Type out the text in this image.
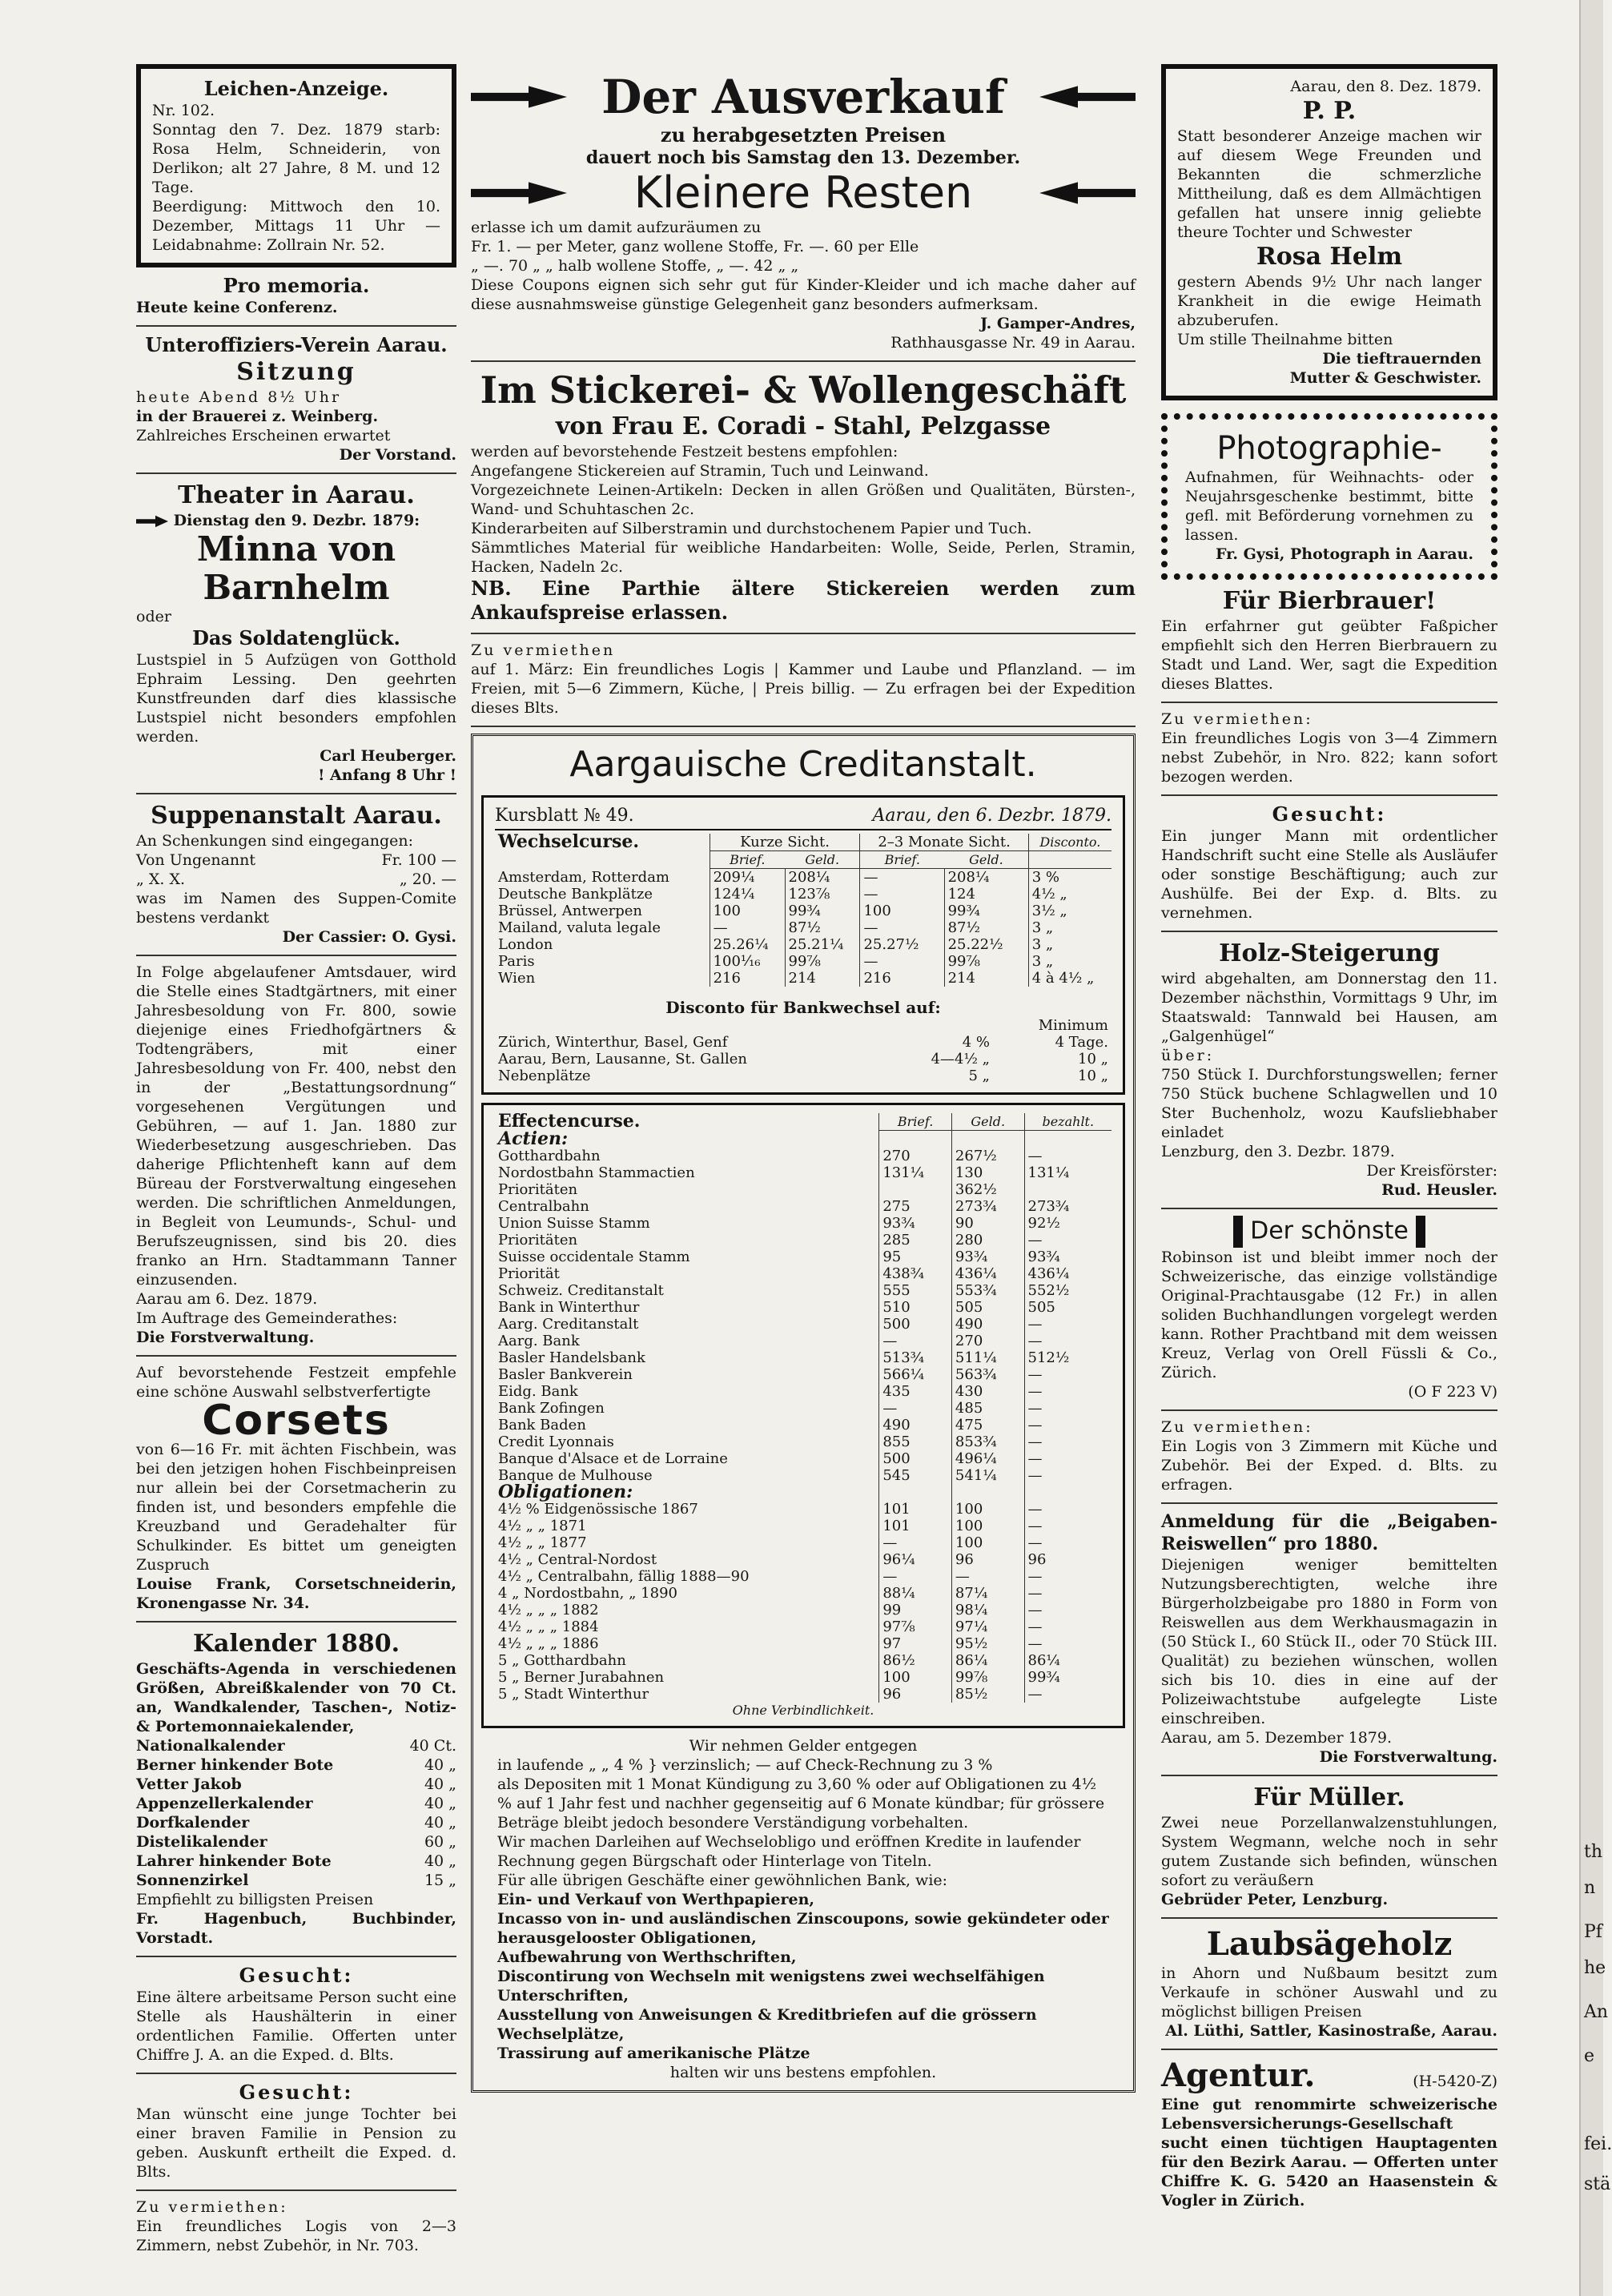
th

n

Pf

he

An

e

fei.

stä

Leichen-Anzeige.

Nr. 102.

Sonntag den 7. Dez. 1879 starb: Rosa Helm, Schneiderin, von Derlikon; alt 27 Jahre, 8 M. und 12 Tage.

Beerdigung: Mittwoch den 10. Dezember, Mittags 11 Uhr — Leidabnahme: Zollrain Nr. 52.

Pro memoria.

Heute keine Conferenz.

Unteroffiziers-Verein Aarau.

Sitzung

heute Abend 8½ Uhr

in der Brauerei z. Weinberg.

Zahlreiches Erscheinen erwartet

Der Vorstand.

Theater in Aarau.

Dienstag den 9. Dezbr. 1879:

Minna von Barnhelm

oder

Das Soldatenglück.

Lustspiel in 5 Aufzügen von Gotthold Ephraim Lessing. Den geehrten Kunstfreunden darf dies klassische Lustspiel nicht besonders empfohlen werden.

Carl Heuberger.

! Anfang 8 Uhr !

Suppenanstalt Aarau.

An Schenkungen sind eingegangen:

Von Ungenannt	Fr. 100 —
„ X. X.	„ 20. —

was im Namen des Suppen-Comite bestens verdankt

Der Cassier: O. Gysi.

In Folge abgelaufener Amtsdauer, wird die Stelle eines Stadtgärtners, mit einer Jahresbesoldung von Fr. 800, sowie diejenige eines Friedhofgärtners & Todtengräbers, mit einer Jahresbesoldung von Fr. 400, nebst den in der „Bestattungsordnung“ vorgesehenen Vergütungen und Gebühren, — auf 1. Jan. 1880 zur Wiederbesetzung ausgeschrieben. Das daherige Pflichtenheft kann auf dem Büreau der Forstverwaltung eingesehen werden. Die schriftlichen Anmeldungen, in Begleit von Leumunds-, Schul- und Berufszeugnissen, sind bis 20. dies franko an Hrn. Stadtammann Tanner einzusenden.

Aarau am 6. Dez. 1879.

Im Auftrage des Gemeinderathes:

Die Forstverwaltung.

Auf bevorstehende Festzeit empfehle eine schöne Auswahl selbstverfertigte

Corsets

von 6—16 Fr. mit ächten Fischbein, was bei den jetzigen hohen Fischbeinpreisen nur allein bei der Corsetmacherin zu finden ist, und besonders empfehle die Kreuzband und Geradehalter für Schulkinder. Es bittet um geneigten Zuspruch

Louise Frank, Corsetschneiderin, Kronengasse Nr. 34.

Kalender 1880.

Geschäfts-Agenda in verschiedenen Größen, Abreißkalender von 70 Ct. an, Wandkalender, Taschen-, Notiz- & Portemonnaiekalender,

Nationalkalender	40 Ct.
Berner hinkender Bote	40 „
Vetter Jakob	40 „
Appenzellerkalender	40 „
Dorfkalender	40 „
Distelikalender	60 „
Lahrer hinkender Bote	40 „
Sonnenzirkel	15 „

Empfiehlt zu billigsten Preisen

Fr. Hagenbuch, Buchbinder, Vorstadt.

Gesucht:

Eine ältere arbeitsame Person sucht eine Stelle als Haushälterin in einer ordentlichen Familie. Offerten unter Chiffre J. A. an die Exped. d. Blts.

Gesucht:

Man wünscht eine junge Tochter bei einer braven Familie in Pension zu geben. Auskunft ertheilt die Exped. d. Blts.

Zu vermiethen:

Ein freundliches Logis von 2—3 Zimmern, nebst Zubehör, in Nr. 703.

Der Ausverkauf

zu herabgesetzten Preisen

dauert noch bis Samstag den 13. Dezember.

Kleinere Resten

erlasse ich um damit aufzuräumen zu

Fr. 1. — per Meter, ganz wollene Stoffe, Fr. —. 60 per Elle

„ —. 70 „ „ halb wollene Stoffe, „ —. 42 „ „

Diese Coupons eignen sich sehr gut für Kinder-Kleider und ich mache daher auf diese ausnahmsweise günstige Gelegenheit ganz besonders aufmerksam.

J. Gamper-Andres,

Rathhausgasse Nr. 49 in Aarau.

Im Stickerei- & Wollengeschäft

von Frau E. Coradi - Stahl, Pelzgasse

werden auf bevorstehende Festzeit bestens empfohlen:

Angefangene Stickereien auf Stramin, Tuch und Leinwand.

Vorgezeichnete Leinen-Artikeln: Decken in allen Größen und Qualitäten, Bürsten-, Wand- und Schuhtaschen 2c.

Kinderarbeiten auf Silberstramin und durchstochenem Papier und Tuch.

Sämmtliches Material für weibliche Handarbeiten: Wolle, Seide, Perlen, Stramin, Hacken, Nadeln 2c.

NB. Eine Parthie ältere Stickereien werden zum Ankaufspreise erlassen.

Zu vermiethen

auf 1. März: Ein freundliches Logis | Kammer und Laube und Pflanzland. — im Freien, mit 5—6 Zimmern, Küche, | Preis billig. — Zu erfragen bei der Expedition dieses Blts.

Aargauische Creditanstalt.

Kursblatt № 49.	Aarau, den 6. Dezbr. 1879.
Wechselcurse.	Kurze Sicht.		2–3 Monate Sicht.		Disconto.
	Brief.	Geld.	Brief.	Geld.	
Amsterdam, Rotterdam	209¼	208¼	—	208¼	3 %
Deutsche Bankplätze	124¼	123⅞	—	124	4½ „
Brüssel, Antwerpen	100	99¾	100	99¾	3½ „
Mailand, valuta legale	—	87½	—	87½	3 „
London	25.26¼	25.21¼	25.27½	25.22½	3 „
Paris	100¹⁄₁₆	99⅞	—	99⅞	3 „
Wien	216	214	216	214	4 à 4½ „

Disconto für Bankwechsel auf:

		Minimum
Zürich, Winterthur, Basel, Genf	4 %	4 Tage.
Aarau, Bern, Lausanne, St. Gallen	4—4½ „	10 „
Nebenplätze	5 „	10 „
Effectencurse.	Brief.	Geld.	bezahlt.
Actien:			
Gotthardbahn	270	267½	—
Nordostbahn Stammactien	131¼	130	131¼
Prioritäten		362½	
Centralbahn	275	273¾	273¾
Union Suisse Stamm	93¾	90	92½
Prioritäten	285	280	—
Suisse occidentale Stamm	95	93¾	93¾
Priorität	438¾	436¼	436¼
Schweiz. Creditanstalt	555	553¾	552½
Bank in Winterthur	510	505	505
Aarg. Creditanstalt	500	490	—
Aarg. Bank	—	270	—
Basler Handelsbank	513¾	511¼	512½
Basler Bankverein	566¼	563¾	—
Eidg. Bank	435	430	—
Bank Zofingen	—	485	—
Bank Baden	490	475	—
Credit Lyonnais	855	853¾	—
Banque d'Alsace et de Lorraine	500	496¼	—
Banque de Mulhouse	545	541¼	—
Obligationen:			
4½ % Eidgenössische 1867	101	100	—
4½ „ „ 1871	101	100	—
4½ „ „ 1877	—	100	—
4½ „ Central-Nordost	96¼	96	96
4½ „ Centralbahn, fällig 1888—90	—	—	—
4 „ Nordostbahn, „ 1890	88¼	87¼	—
4½ „ „ „ 1882	99	98¼	—
4½ „ „ „ 1884	97⅞	97¼	—
4½ „ „ „ 1886	97	95½	—
5 „ Gotthardbahn	86½	86¼	86¼
5 „ Berner Jurabahnen	100	99⅞	99¾
5 „ Stadt Winterthur	96	85½	—

Ohne Verbindlichkeit.

Wir nehmen Gelder entgegen

in laufende „ „ 4 % } verzinslich; — auf Check-Rechnung zu 3 %

als Depositen mit 1 Monat Kündigung zu 3,60 % oder auf Obligationen zu 4½ % auf 1 Jahr fest und nachher gegenseitig auf 6 Monate kündbar; für grössere Beträge bleibt jedoch besondere Verständigung vorbehalten.

Wir machen Darleihen auf Wechselobligo und eröffnen Kredite in laufender Rechnung gegen Bürgschaft oder Hinterlage von Titeln.

Für alle übrigen Geschäfte einer gewöhnlichen Bank, wie:

Ein- und Verkauf von Werthpapieren,

Incasso von in- und ausländischen Zinscoupons, sowie gekündeter oder herausgelooster Obligationen,

Aufbewahrung von Werthschriften,

Discontirung von Wechseln mit wenigstens zwei wechselfähigen Unterschriften,

Ausstellung von Anweisungen & Kreditbriefen auf die grössern Wechselplätze,

Trassirung auf amerikanische Plätze

halten wir uns bestens empfohlen.

Aarau, den 8. Dez. 1879.

P. P.

Statt besonderer Anzeige machen wir auf diesem Wege Freunden und Bekannten die schmerzliche Mittheilung, daß es dem Allmächtigen gefallen hat unsere innig geliebte theure Tochter und Schwester

Rosa Helm

gestern Abends 9½ Uhr nach langer Krankheit in die ewige Heimath abzuberufen.

Um stille Theilnahme bitten

Die tieftrauernden

Mutter & Geschwister.

Photographie-

Aufnahmen, für Weihnachts- oder Neujahrsgeschenke bestimmt, bitte gefl. mit Beförderung vornehmen zu lassen.

Fr. Gysi, Photograph in Aarau.

Für Bierbrauer!

Ein erfahrner gut geübter Faßpicher empfiehlt sich den Herren Bierbrauern zu Stadt und Land. Wer, sagt die Expedition dieses Blattes.

Zu vermiethen:

Ein freundliches Logis von 3—4 Zimmern nebst Zubehör, in Nro. 822; kann sofort bezogen werden.

Gesucht:

Ein junger Mann mit ordentlicher Handschrift sucht eine Stelle als Ausläufer oder sonstige Beschäftigung; auch zur Aushülfe. Bei der Exp. d. Blts. zu vernehmen.

Holz-Steigerung

wird abgehalten, am Donnerstag den 11. Dezember nächsthin, Vormittags 9 Uhr, im Staatswald: Tannwald bei Hausen, am „Galgenhügel“

über:

750 Stück I. Durchforstungswellen; ferner 750 Stück buchene Schlagwellen und 10 Ster Buchenholz, wozu Kaufsliebhaber einladet

Lenzburg, den 3. Dezbr. 1879.

Der Kreisförster:

Rud. Heusler.

Der schönste

Robinson ist und bleibt immer noch der Schweizerische, das einzige vollständige Original-Prachtausgabe (12 Fr.) in allen soliden Buchhandlungen vorgelegt werden kann. Rother Prachtband mit dem weissen Kreuz, Verlag von Orell Füssli & Co., Zürich.

(O F 223 V)

Zu vermiethen:

Ein Logis von 3 Zimmern mit Küche und Zubehör. Bei der Exped. d. Blts. zu erfragen.

Anmeldung für die „Beigaben-Reiswellen“ pro 1880.

Diejenigen weniger bemittelten Nutzungsberechtigten, welche ihre Bürgerholzbeigabe pro 1880 in Form von Reiswellen aus dem Werkhausmagazin in (50 Stück I., 60 Stück II., oder 70 Stück III. Qualität) zu beziehen wünschen, wollen sich bis 10. dies in eine auf der Polizeiwachtstube aufgelegte Liste einschreiben.

Aarau, am 5. Dezember 1879.

Die Forstverwaltung.

Für Müller.

Zwei neue Porzellanwalzenstuhlungen, System Wegmann, welche noch in sehr gutem Zustande sich befinden, wünschen sofort zu veräußern

Gebrüder Peter, Lenzburg.

Laubsägeholz

in Ahorn und Nußbaum besitzt zum Verkaufe in schöner Auswahl und zu möglichst billigen Preisen

Al. Lüthi, Sattler, Kasinostraße, Aarau.

Agentur.	(H-5420-Z)

Eine gut renommirte schweizerische Lebensversicherungs-Gesellschaft sucht einen tüchtigen Hauptagenten für den Bezirk Aarau. — Offerten unter Chiffre K. G. 5420 an Haasenstein & Vogler in Zürich.
